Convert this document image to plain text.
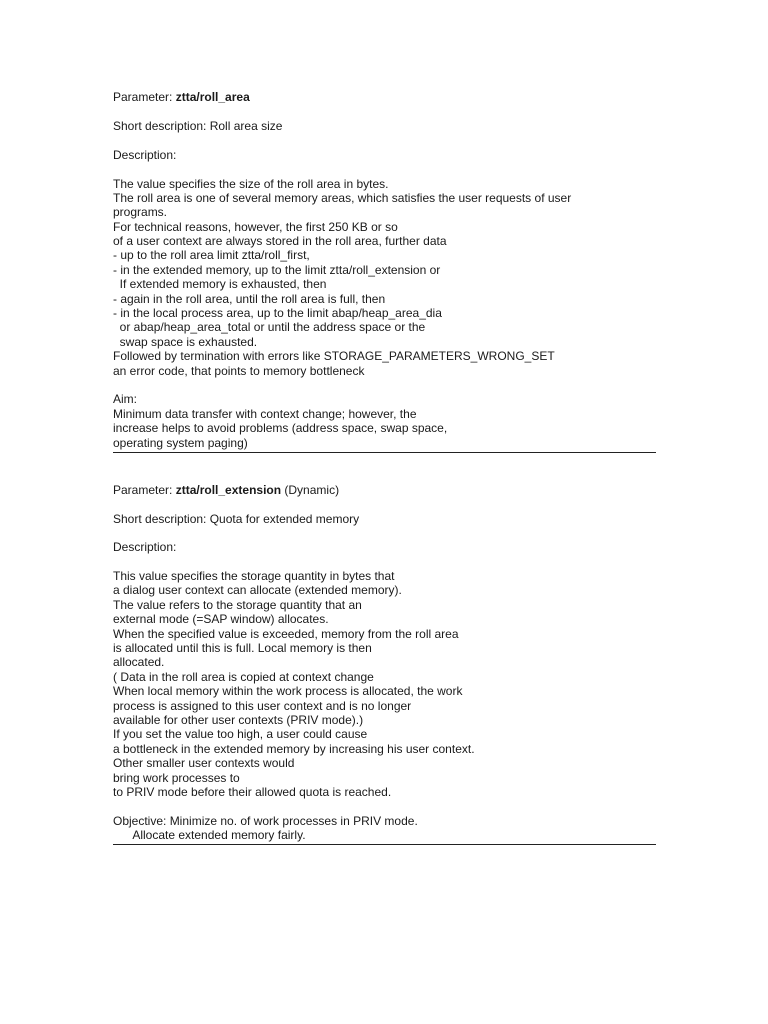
Parameter: ztta/roll_area
Short description: Roll area size
Description:
The value specifies the size of the roll area in bytes.
The roll area is one of several memory areas, which satisfies the user requests of user
programs.
For technical reasons, however, the first 250 KB or so
of a user context are always stored in the roll area, further data
- up to the roll area limit ztta/roll_first,
- in the extended memory, up to the limit ztta/roll_extension or
If extended memory is exhausted, then
- again in the roll area, until the roll area is full, then
- in the local process area, up to the limit abap/heap_area_dia
or abap/heap_area_total or until the address space or the
swap space is exhausted.
Followed by termination with errors like STORAGE_PARAMETERS_WRONG_SET
an error code, that points to memory bottleneck
Aim:
Minimum data transfer with context change; however, the
increase helps to avoid problems (address space, swap space,
operating system paging)
Parameter: ztta/roll_extension (Dynamic)
Short description: Quota for extended memory
Description:
This value specifies the storage quantity in bytes that
a dialog user context can allocate (extended memory).
The value refers to the storage quantity that an
external mode (=SAP window) allocates.
When the specified value is exceeded, memory from the roll area
is allocated until this is full. Local memory is then
allocated.
( Data in the roll area is copied at context change
When local memory within the work process is allocated, the work
process is assigned to this user context and is no longer
available for other user contexts (PRIV mode).)
If you set the value too high, a user could cause
a bottleneck in the extended memory by increasing his user context.
Other smaller user contexts would
bring work processes to
to PRIV mode before their allowed quota is reached.
Objective: Minimize no. of work processes in PRIV mode.
Allocate extended memory fairly.
